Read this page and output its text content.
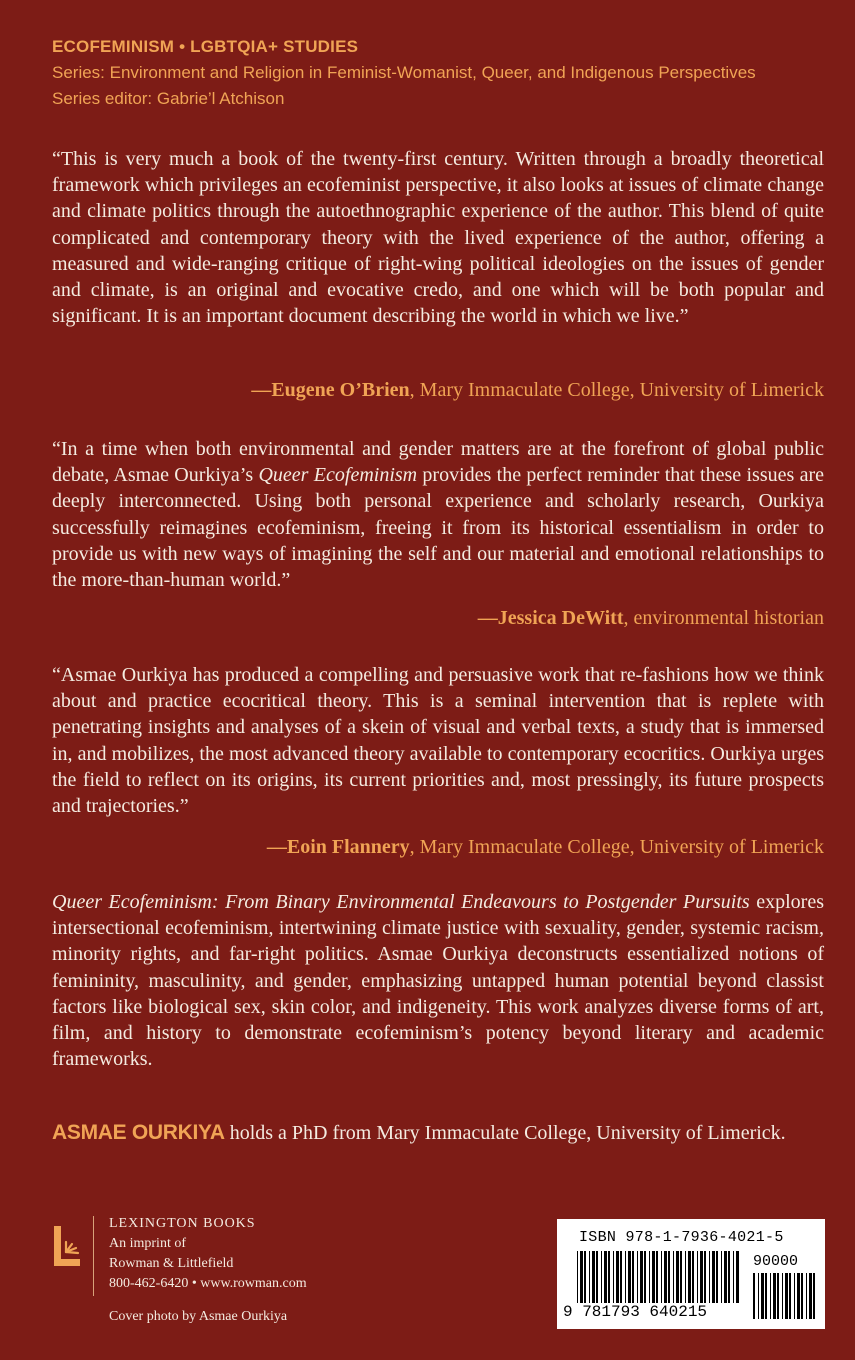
ECOFEMINISM • LGBTQIA+ STUDIES
Series: Environment and Religion in Feminist-Womanist, Queer, and Indigenous Perspectives
Series editor: Gabrie’l Atchison
“This is very much a book of the twenty-first century. Written through a broadly theoretical framework which privileges an ecofeminist perspective, it also looks at issues of climate change and climate politics through the autoethnographic experience of the author. This blend of quite complicated and contemporary theory with the lived experience of the author, offering a measured and wide-ranging critique of right-wing political ideologies on the issues of gender and climate, is an original and evocative credo, and one which will be both popular and significant. It is an important document describing the world in which we live.”
—Eugene O’Brien, Mary Immaculate College, University of Limerick
“In a time when both environmental and gender matters are at the forefront of global public debate, Asmae Ourkiya’s Queer Ecofeminism provides the perfect reminder that these issues are deeply interconnected. Using both personal experience and scholarly research, Ourkiya successfully reimagines ecofeminism, freeing it from its historical essentialism in order to provide us with new ways of imagining the self and our material and emotional relationships to the more-than-human world.”
—Jessica DeWitt, environmental historian
“Asmae Ourkiya has produced a compelling and persuasive work that re-fashions how we think about and practice ecocritical theory. This is a seminal intervention that is replete with penetrating insights and analyses of a skein of visual and verbal texts, a study that is immersed in, and mobilizes, the most advanced theory available to contemporary ecocritics. Ourkiya urges the field to reflect on its origins, its current priorities and, most pressingly, its future prospects and trajectories.”
—Eoin Flannery, Mary Immaculate College, University of Limerick
Queer Ecofeminism: From Binary Environmental Endeavours to Postgender Pursuits explores intersectional ecofeminism, intertwining climate justice with sexuality, gender, systemic racism, minority rights, and far-right politics. Asmae Ourkiya deconstructs essentialized notions of femininity, masculinity, and gender, emphasizing untapped human potential beyond classist factors like biological sex, skin color, and indigeneity. This work analyzes diverse forms of art, film, and history to demonstrate ecofeminism’s potency beyond literary and academic frameworks.
ASMAE OURKIYA holds a PhD from Mary Immaculate College, University of Limerick.
LEXINGTON BOOKS
An imprint of
Rowman & Littlefield
800-462-6420 • www.rowman.com
Cover photo by Asmae Ourkiya
ISBN 978-1-7936-4021-5
90000
9 781793 640215
